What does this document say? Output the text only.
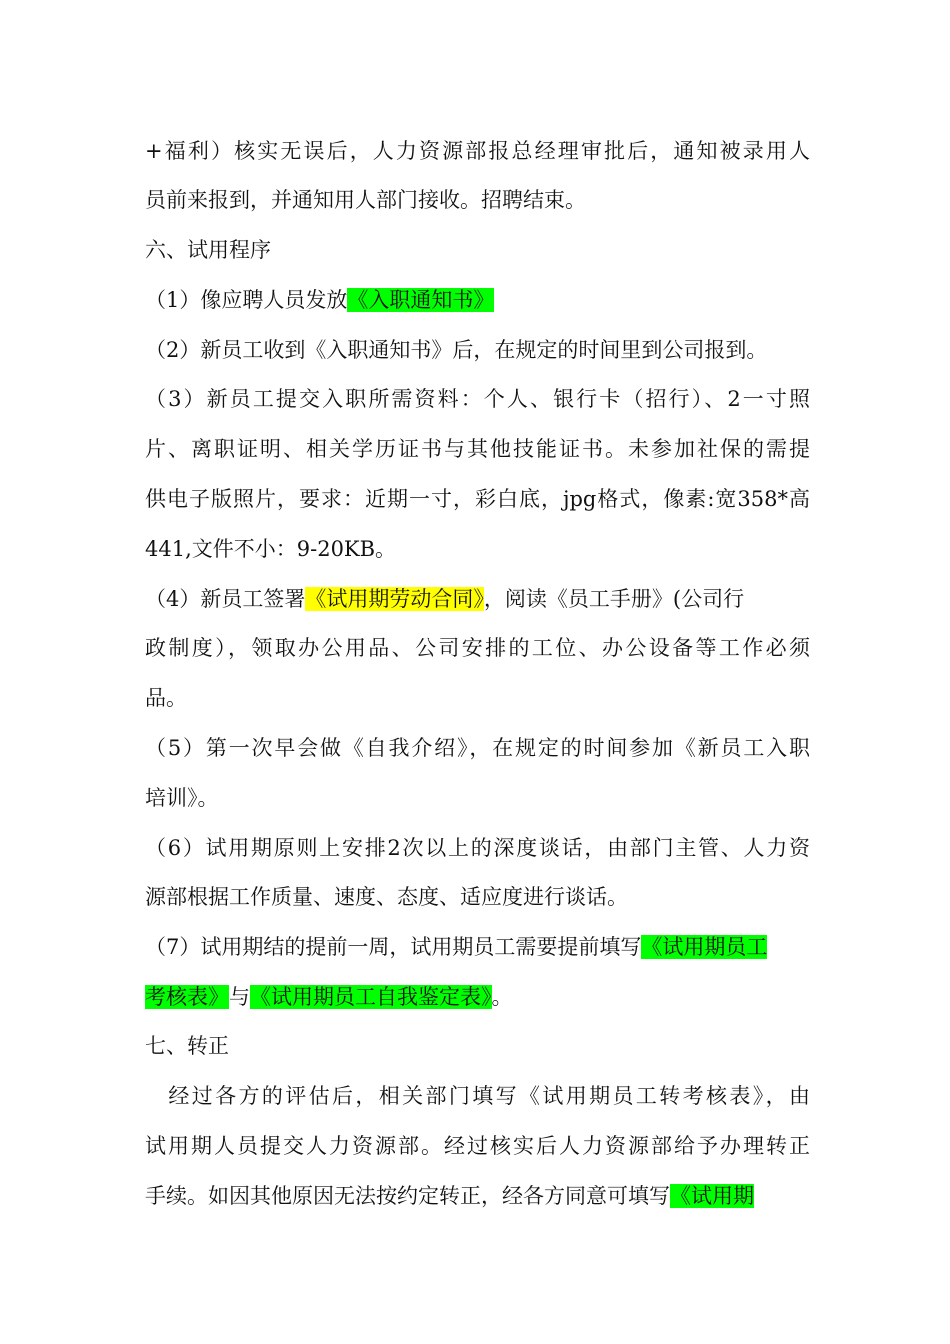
+福利）核实无误后，人力资源部报总经理审批后，通知被录用人
员前来报到，并通知用人部门接收。招聘结束。
六、试用程序
（1）像应聘人员发放《入职通知书》
（2）新员工收到《入职通知书》后，在规定的时间里到公司报到。
（3）新员工提交入职所需资料：个人、银行卡（招行）、2一寸照
片、离职证明、相关学历证书与其他技能证书。未参加社保的需提
供电子版照片，要求：近期一寸，彩白底，jpg格式，像素:宽358*高
441,文件不小：9-20KB。
（4）新员工签署《试用期劳动合同》，阅读《员工手册》(公司行
政制度），领取办公用品、公司安排的工位、办公设备等工作必须
品。
（5）第一次早会做《自我介绍》，在规定的时间参加《新员工入职
培训》。
（6）试用期原则上安排2次以上的深度谈话，由部门主管、人力资
源部根据工作质量、速度、态度、适应度进行谈话。
（7）试用期结的提前一周，试用期员工需要提前填写《试用期员工
考核表》与《试用期员工自我鉴定表》。
七、转正
　经过各方的评估后，相关部门填写《试用期员工转考核表》，由
试用期人员提交人力资源部。经过核实后人力资源部给予办理转正
手续。如因其他原因无法按约定转正，经各方同意可填写《试用期
